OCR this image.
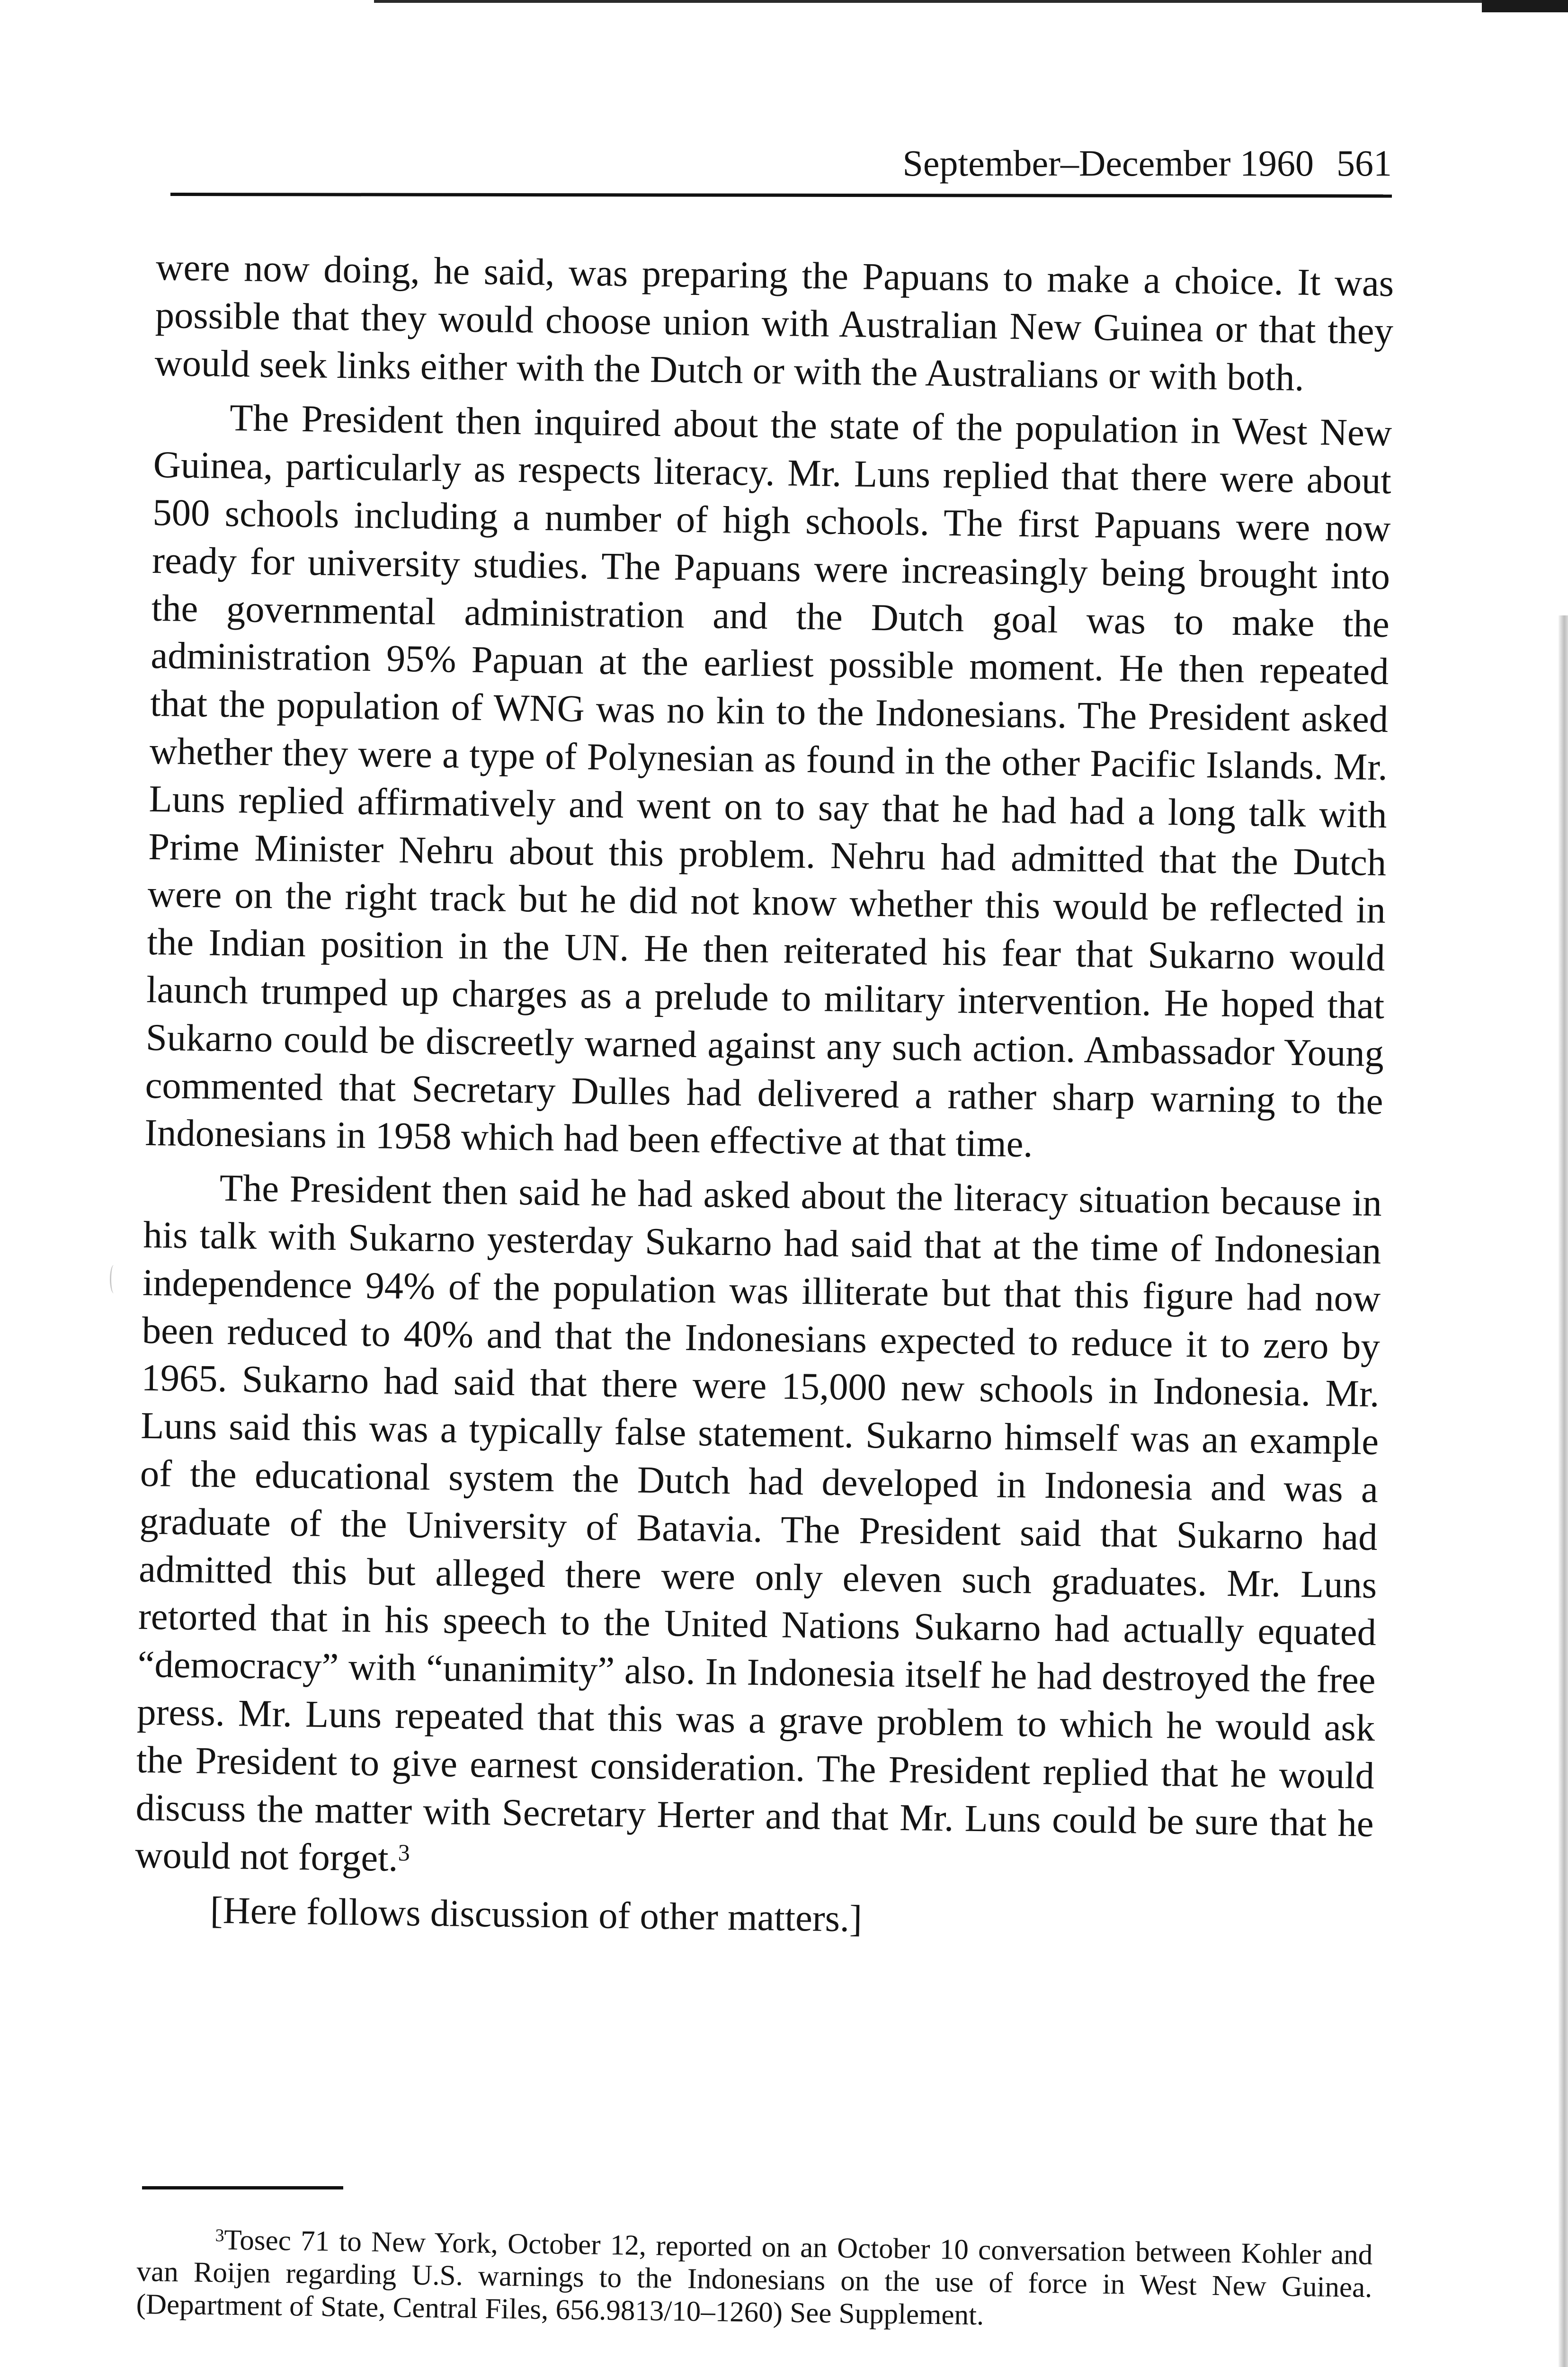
September–December 1960 561

were now doing, he said, was preparing the Papuans to make a choice. It was possible that they would choose union with Australian New Guinea or that they would seek links either with the Dutch or with the Australians or with both.

The President then inquired about the state of the population in West New Guinea, particularly as respects literacy. Mr. Luns replied that there were about 500 schools including a number of high schools. The first Papuans were now ready for university studies. The Papuans were increasingly being brought into the governmental administration and the Dutch goal was to make the administration 95% Papuan at the earliest possible moment. He then repeated that the population of WNG was no kin to the Indonesians. The President asked whether they were a type of Polynesian as found in the other Pacific Islands. Mr. Luns replied affirmatively and went on to say that he had had a long talk with Prime Minister Nehru about this problem. Nehru had admitted that the Dutch were on the right track but he did not know whether this would be reflected in the Indian position in the UN. He then reiterated his fear that Sukarno would launch trumped up charges as a prelude to military intervention. He hoped that Sukarno could be discreetly warned against any such action. Ambassador Young commented that Secretary Dulles had delivered a rather sharp warning to the Indonesians in 1958 which had been effective at that time.

The President then said he had asked about the literacy situation because in his talk with Sukarno yesterday Sukarno had said that at the time of Indonesian independence 94% of the population was illiterate but that this figure had now been reduced to 40% and that the Indonesians expected to reduce it to zero by 1965. Sukarno had said that there were 15,000 new schools in Indonesia. Mr. Luns said this was a typically false statement. Sukarno himself was an example of the educational system the Dutch had developed in Indonesia and was a graduate of the University of Batavia. The President said that Sukarno had admitted this but alleged there were only eleven such graduates. Mr. Luns retorted that in his speech to the United Nations Sukarno had actually equated “democracy” with “unanimity” also. In Indonesia itself he had destroyed the free press. Mr. Luns repeated that this was a grave problem to which he would ask the President to give earnest consideration. The President replied that he would discuss the matter with Secretary Herter and that Mr. Luns could be sure that he would not forget.$^3$

[Here follows discussion of other matters.]

$^3$Tosec 71 to New York, October 12, reported on an October 10 conversation between Kohler and van Roijen regarding U.S. warnings to the Indonesians on the use of force in West New Guinea. (Department of State, Central Files, 656.9813/10–1260) See Supplement.
